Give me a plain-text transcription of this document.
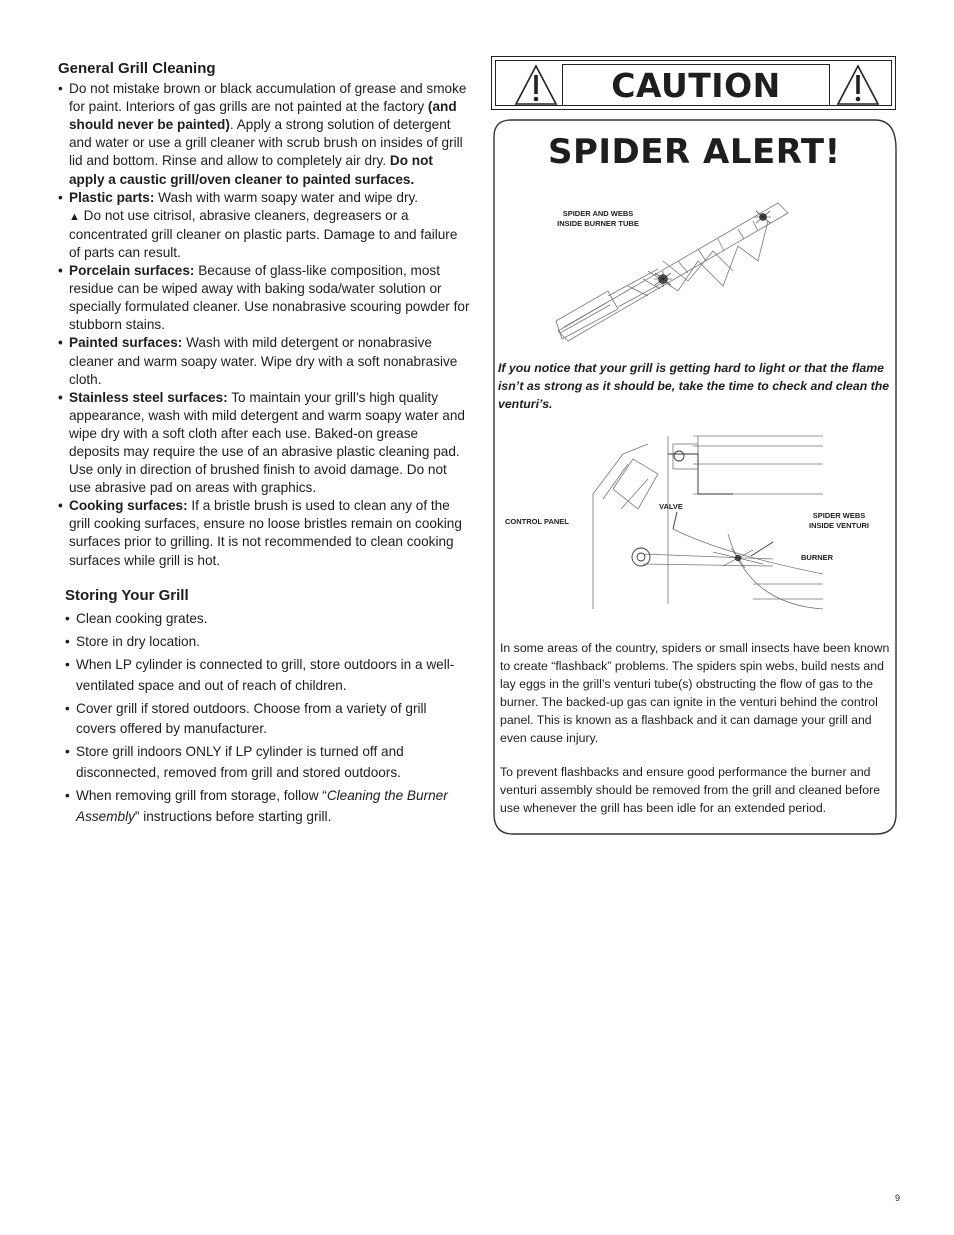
General Grill Cleaning

• Do not mistake brown or black accumulation of grease and smoke for paint. Interiors of gas grills are not painted at the factory (and should never be painted). Apply a strong solution of detergent and water or use a grill cleaner with scrub brush on insides of grill lid and bottom. Rinse and allow to completely air dry. Do not apply a caustic grill/oven cleaner to painted surfaces.

• Plastic parts: Wash with warm soapy water and wipe dry.
▲ Do not use citrisol, abrasive cleaners, degreasers or a concentrated grill cleaner on plastic parts. Damage to and failure of parts can result.

• Porcelain surfaces: Because of glass-like composition, most residue can be wiped away with baking soda/water solution or specially formulated cleaner. Use nonabrasive scouring powder for stubborn stains.

• Painted surfaces: Wash with mild detergent or nonabrasive cleaner and warm soapy water. Wipe dry with a soft nonabrasive cloth.

• Stainless steel surfaces: To maintain your grill’s high quality appearance, wash with mild detergent and warm soapy water and wipe dry with a soft cloth after each use. Baked-on grease deposits may require the use of an abrasive plastic cleaning pad. Use only in direction of brushed finish to avoid damage. Do not use abrasive pad on areas with graphics.

• Cooking surfaces: If a bristle brush is used to clean any of the grill cooking surfaces, ensure no loose bristles remain on cooking surfaces prior to grilling. It is not recommended to clean cooking surfaces while grill is hot.

Storing Your Grill

• Clean cooking grates.

• Store in dry location.

• When LP cylinder is connected to grill, store outdoors in a well-ventilated space and out of reach of children.

• Cover grill if stored outdoors. Choose from a variety of grill covers offered by manufacturer.

• Store grill indoors ONLY if LP cylinder is turned off and disconnected, removed from grill and stored outdoors.

• When removing grill from storage, follow “Cleaning the Burner Assembly” instructions before starting grill.

CAUTION
SPIDER ALERT!
SPIDER AND WEBS
INSIDE BURNER TUBE
CONTROL PANEL
VALVE
SPIDER WEBS
INSIDE VENTURI
BURNER
If you notice that your grill is getting hard to light or that the flame isn’t as strong as it should be, take the time to check and clean the venturi’s.
In some areas of the country, spiders or small insects have been known to create “flashback” problems. The spiders spin webs, build nests and lay eggs in the grill’s venturi tube(s) obstructing the flow of gas to the burner. The backed-up gas can ignite in the venturi behind the control panel. This is known as a flashback and it can damage your grill and even cause injury.
To prevent flashbacks and ensure good performance the burner and venturi assembly should be removed from the grill and cleaned before use whenever the grill has been idle for an extended period.
9
